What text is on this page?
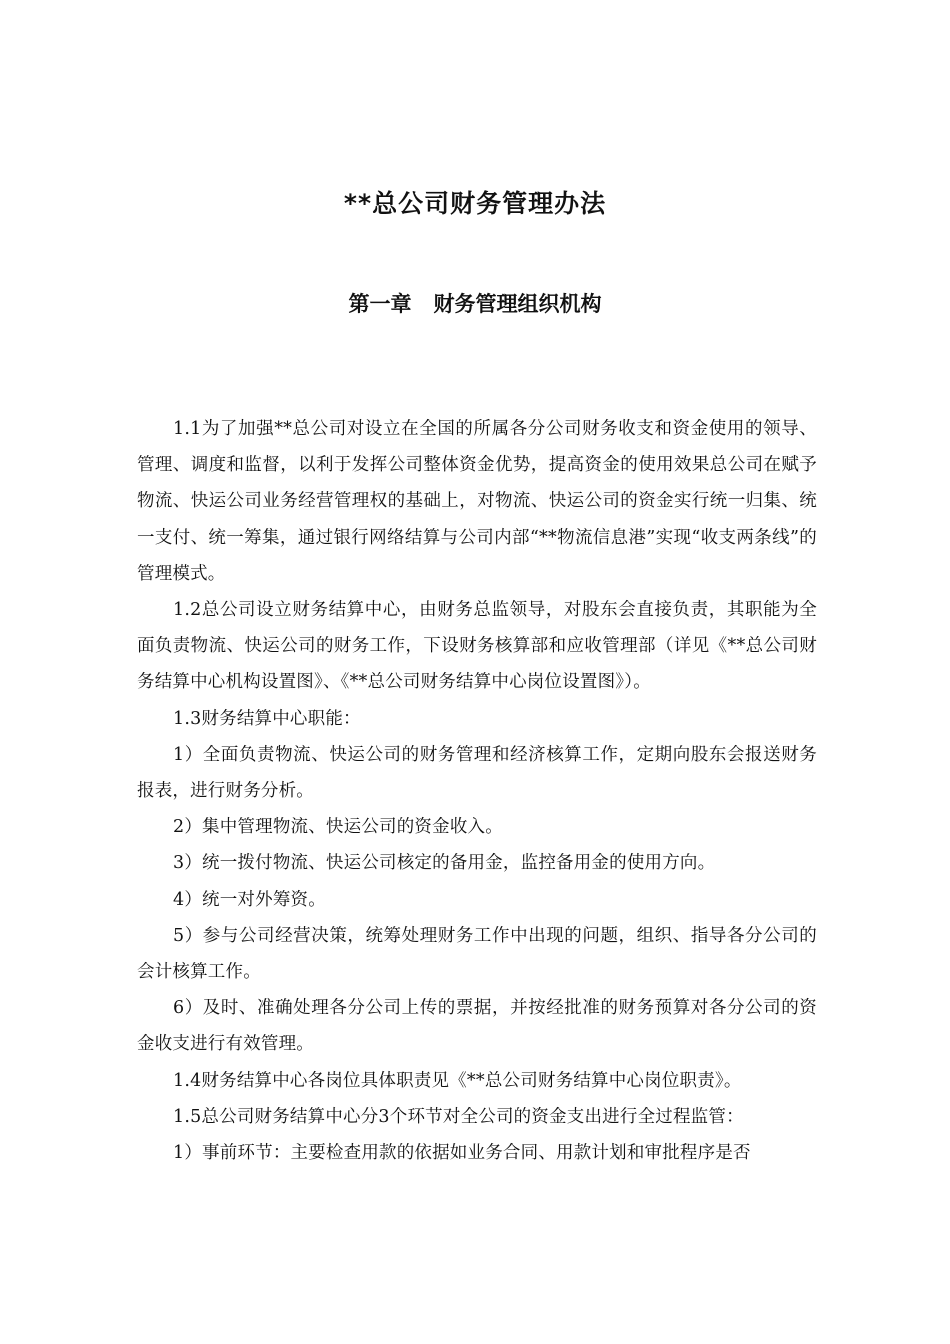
**总公司财务管理办法
第一章   财务管理组织机构

1.1为了加强**总公司对设立在全国的所属各分公司财务收支和资金使用的领导、管理、调度和监督，以利于发挥公司整体资金优势，提高资金的使用效果总公司在赋予物流、快运公司业务经营管理权的基础上，对物流、快运公司的资金实行统一归集、统一支付、统一筹集，通过银行网络结算与公司内部“**物流信息港”实现“收支两条线”的管理模式。

1.2总公司设立财务结算中心，由财务总监领导，对股东会直接负责，其职能为全面负责物流、快运公司的财务工作，下设财务核算部和应收管理部（详见《**总公司财务结算中心机构设置图》、《**总公司财务结算中心岗位设置图》）。

1.3财务结算中心职能：

1）全面负责物流、快运公司的财务管理和经济核算工作，定期向股东会报送财务报表，进行财务分析。

2）集中管理物流、快运公司的资金收入。

3）统一拨付物流、快运公司核定的备用金，监控备用金的使用方向。

4）统一对外筹资。

5）参与公司经营决策，统筹处理财务工作中出现的问题，组织、指导各分公司的会计核算工作。

6）及时、准确处理各分公司上传的票据，并按经批准的财务预算对各分公司的资金收支进行有效管理。

1.4财务结算中心各岗位具体职责见《**总公司财务结算中心岗位职责》。

1.5总公司财务结算中心分3个环节对全公司的资金支出进行全过程监管：

1）事前环节：主要检查用款的依据如业务合同、用款计划和审批程序是否
